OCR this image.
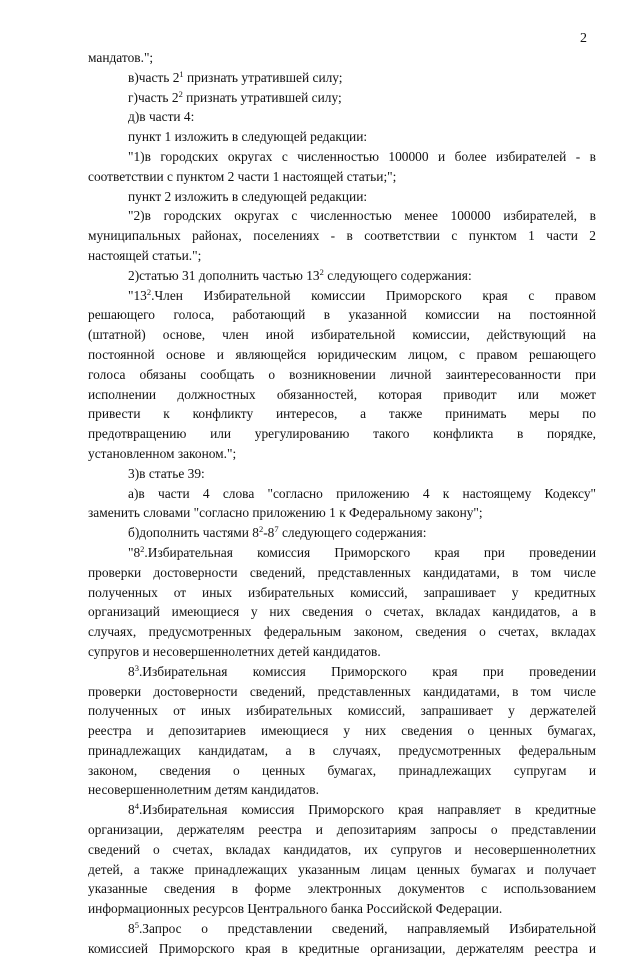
2
мандатов.";
в)часть $2^1$ признать утратившей силу;
г)часть $2^2$ признать утратившей силу;
д)в части 4:
пункт 1 изложить в следующей редакции:
"1)в городских округах с численностью 100000 и более избирателей - в
соответствии с пунктом 2 части 1 настоящей статьи;";
пункт 2 изложить в следующей редакции:
"2)в городских округах с численностью менее 100000 избирателей, в
муниципальных районах, поселениях - в соответствии с пунктом 1 части 2
настоящей статьи.";
2)статью 31 дополнить частью $13^2$ следующего содержания:
"$13^2.Член$ Избирательной комиссии Приморского края с правом
решающего голоса, работающий в указанной комиссии на постоянной
(штатной) основе, член иной избирательной комиссии, действующий на
постоянной основе и являющейся юридическим лицом, с правом решающего
голоса обязаны сообщать о возникновении личной заинтересованности при
исполнении должностных обязанностей, которая приводит или может
привести к конфликту интересов, а также принимать меры по
предотвращению или урегулированию такого конфликта в порядке,
установленном законом.";
3)в статье 39:
а)в части 4 слова "согласно приложению 4 к настоящему Кодексу"
заменить словами "согласно приложению 1 к Федеральному закону";
б)дополнить частями $8^2-8^7$ следующего содержания:
"$8^2.Избирательная$ комиссия Приморского края при проведении
проверки достоверности сведений, представленных кандидатами, в том числе
полученных от иных избирательных комиссий, запрашивает у кредитных
организаций имеющиеся у них сведения о счетах, вкладах кандидатов, а в
случаях, предусмотренных федеральным законом, сведения о счетах, вкладах
супругов и несовершеннолетних детей кандидатов.
$8^3.Избирательная$ комиссия Приморского края при проведении
проверки достоверности сведений, представленных кандидатами, в том числе
полученных от иных избирательных комиссий, запрашивает у держателей
реестра и депозитариев имеющиеся у них сведения о ценных бумагах,
принадлежащих кандидатам, а в случаях, предусмотренных федеральным
законом, сведения о ценных бумагах, принадлежащих супругам и
несовершеннолетним детям кандидатов.
$8^4.Избирательная$ комиссия Приморского края направляет в кредитные
организации, держателям реестра и депозитариям запросы о представлении
сведений о счетах, вкладах кандидатов, их супругов и несовершеннолетних
детей, а также принадлежащих указанным лицам ценных бумагах и получает
указанные сведения в форме электронных документов с использованием
информационных ресурсов Центрального банка Российской Федерации.
$8^5.Запрос$ о представлении сведений, направляемый Избирательной
комиссией Приморского края в кредитные организации, держателям реестра и
